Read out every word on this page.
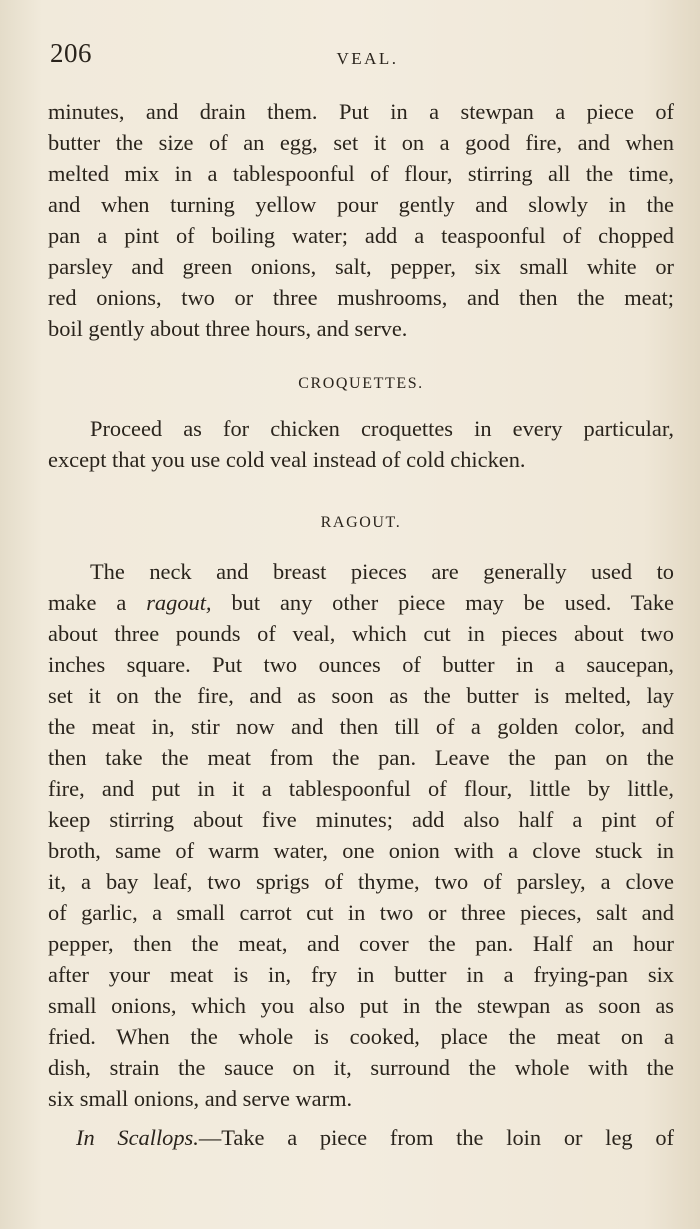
206	VEAL.
minutes, and drain them. Put in a stewpan a piece of
butter the size of an egg, set it on a good fire, and when
melted mix in a tablespoonful of flour, stirring all the time,
and when turning yellow pour gently and slowly in the
pan a pint of boiling water; add a teaspoonful of chopped
parsley and green onions, salt, pepper, six small white or
red onions, two or three mushrooms, and then the meat;
boil gently about three hours, and serve.
CROQUETTES.
Proceed as for chicken croquettes in every particular,
except that you use cold veal instead of cold chicken.
RAGOUT.
The neck and breast pieces are generally used to
make a ragout, but any other piece may be used. Take
about three pounds of veal, which cut in pieces about two
inches square. Put two ounces of butter in a saucepan,
set it on the fire, and as soon as the butter is melted, lay
the meat in, stir now and then till of a golden color, and
then take the meat from the pan. Leave the pan on the
fire, and put in it a tablespoonful of flour, little by little,
keep stirring about five minutes; add also half a pint of
broth, same of warm water, one onion with a clove stuck in
it, a bay leaf, two sprigs of thyme, two of parsley, a clove
of garlic, a small carrot cut in two or three pieces, salt and
pepper, then the meat, and cover the pan. Half an hour
after your meat is in, fry in butter in a frying-pan six
small onions, which you also put in the stewpan as soon as
fried. When the whole is cooked, place the meat on a
dish, strain the sauce on it, surround the whole with the
six small onions, and serve warm.
In Scallops.—Take a piece from the loin or leg of
